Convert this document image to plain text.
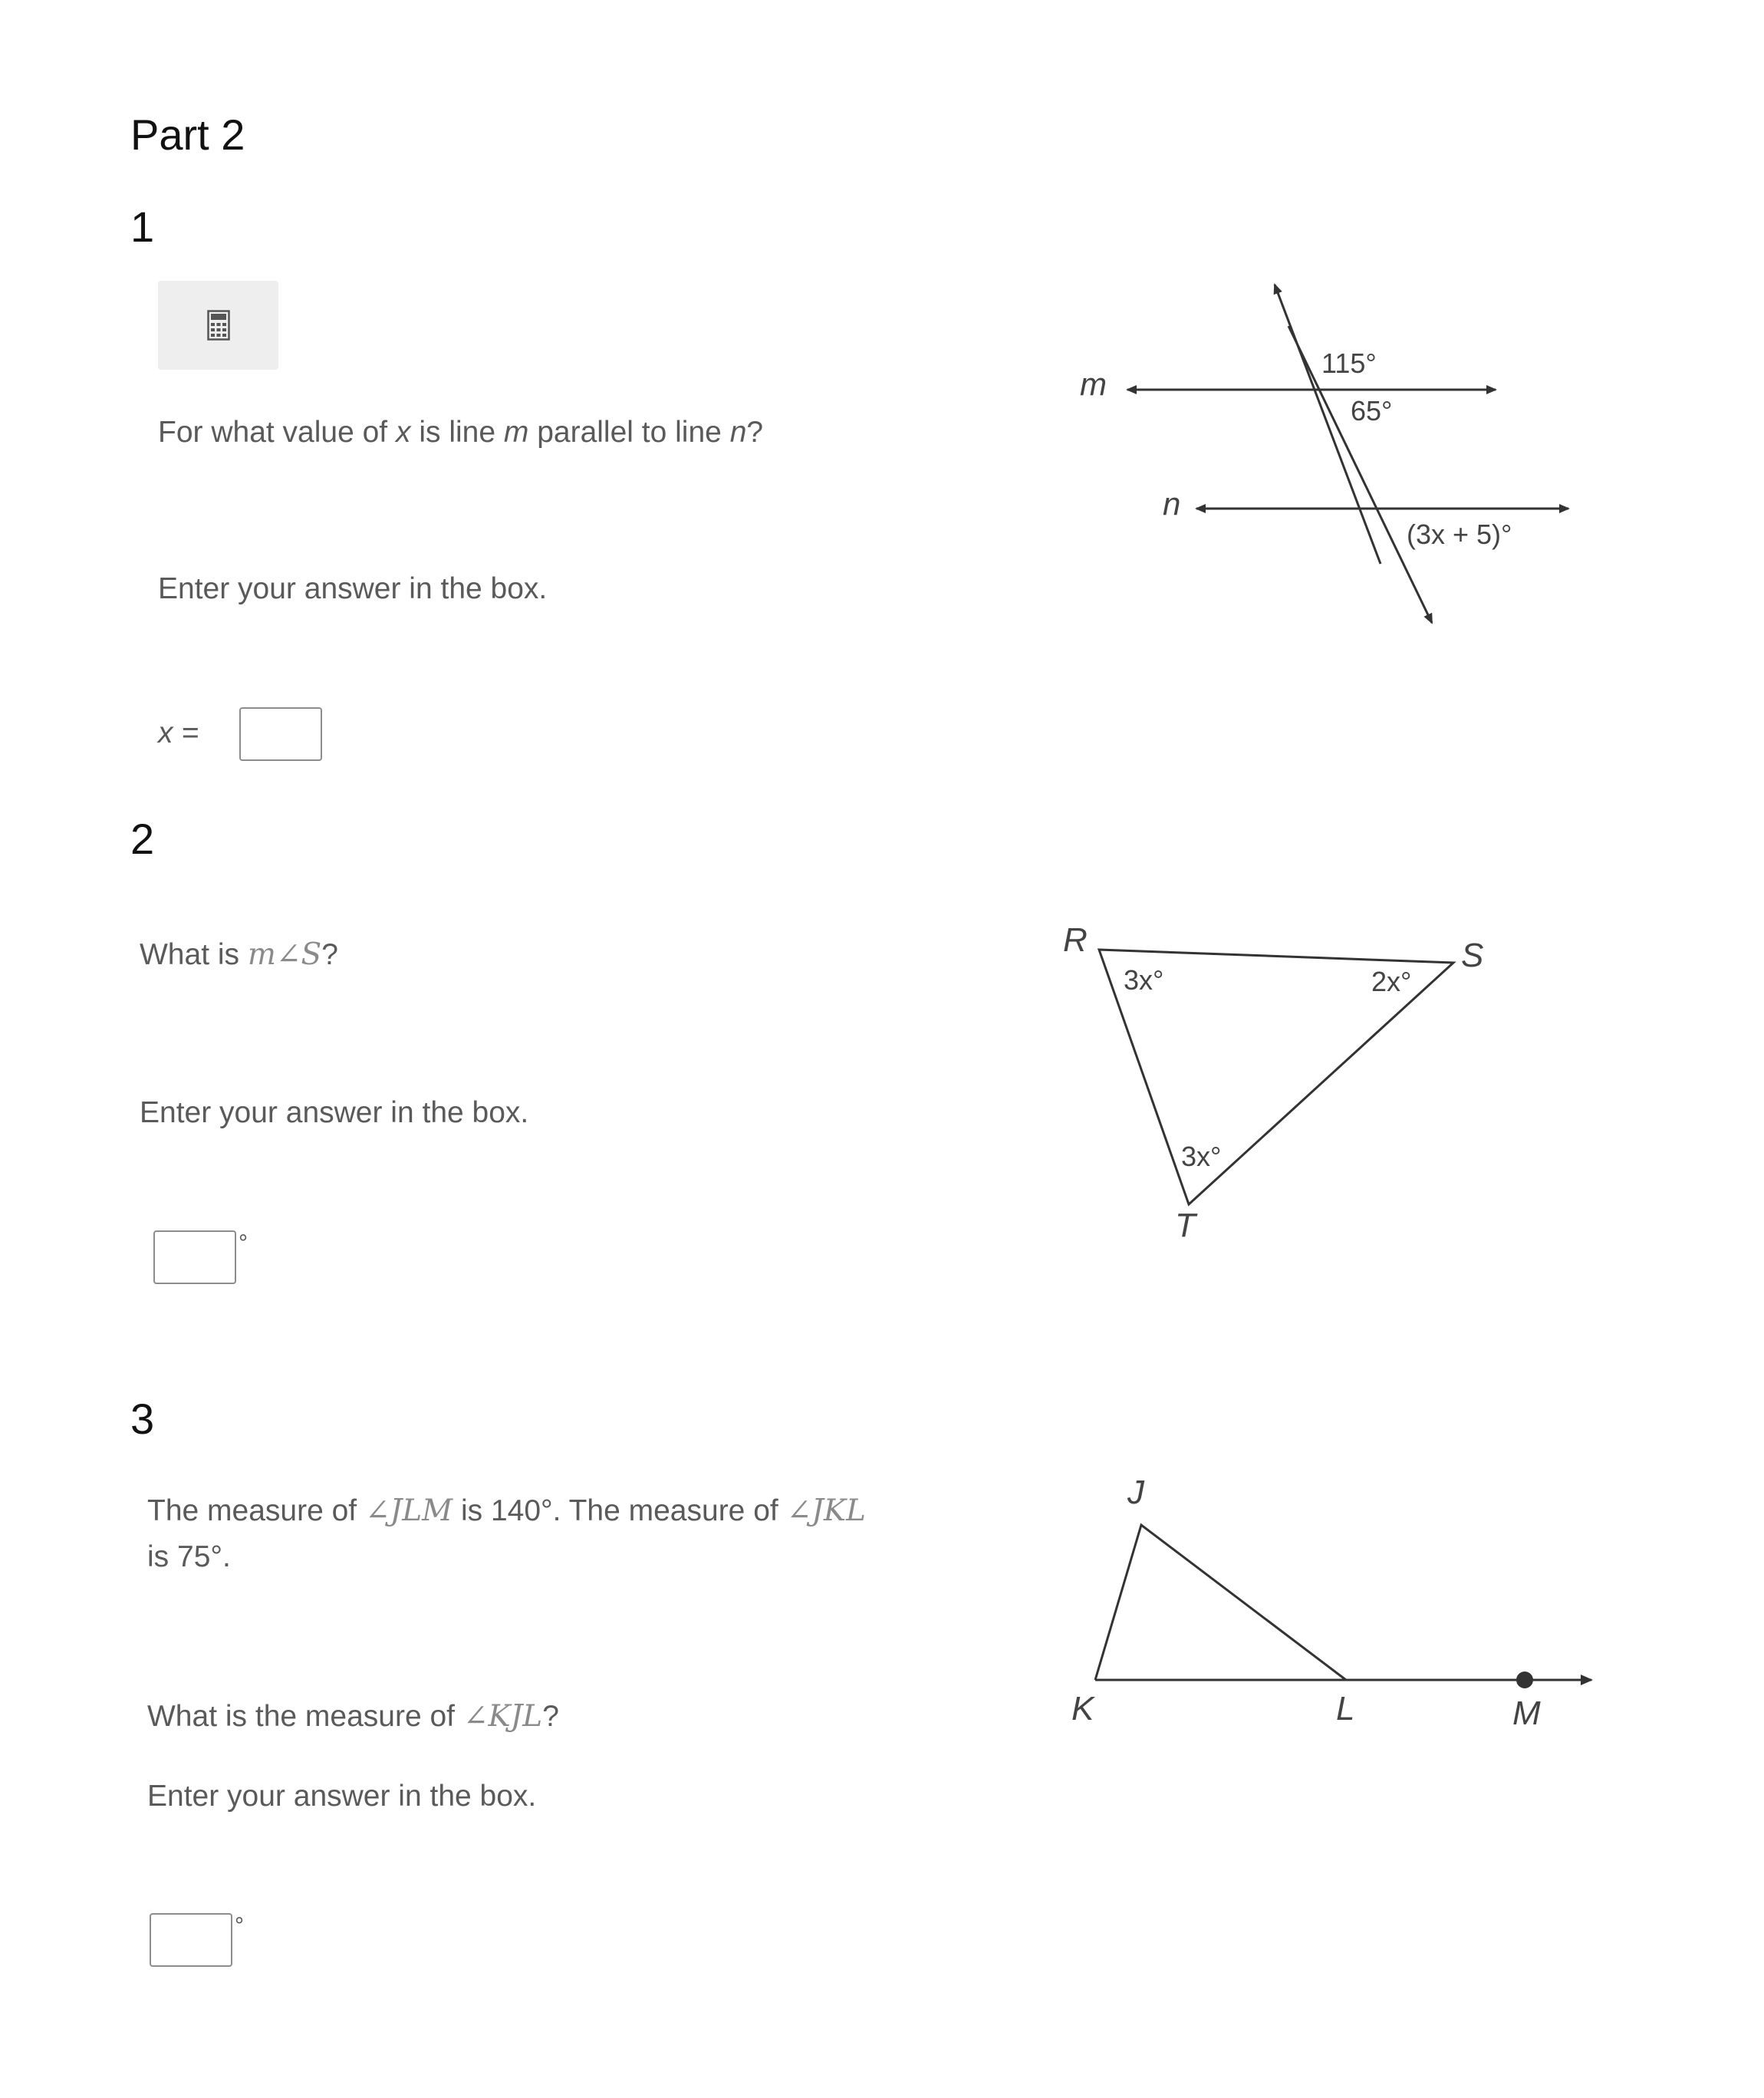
Part 2
1
For what value of x is line m parallel to line n?
Enter your answer in the box.
x =
m
n
115°
65°
(3x + 5)°
2
What is m∠S?
Enter your answer in the box.
°
R	S
T
3x°	2x°
3x°
3
The measure of ∠JLM is 140°. The measure of ∠JKL
is 75°.
What is the measure of ∠KJL?
Enter your answer in the box.
°
J
K	L	M
